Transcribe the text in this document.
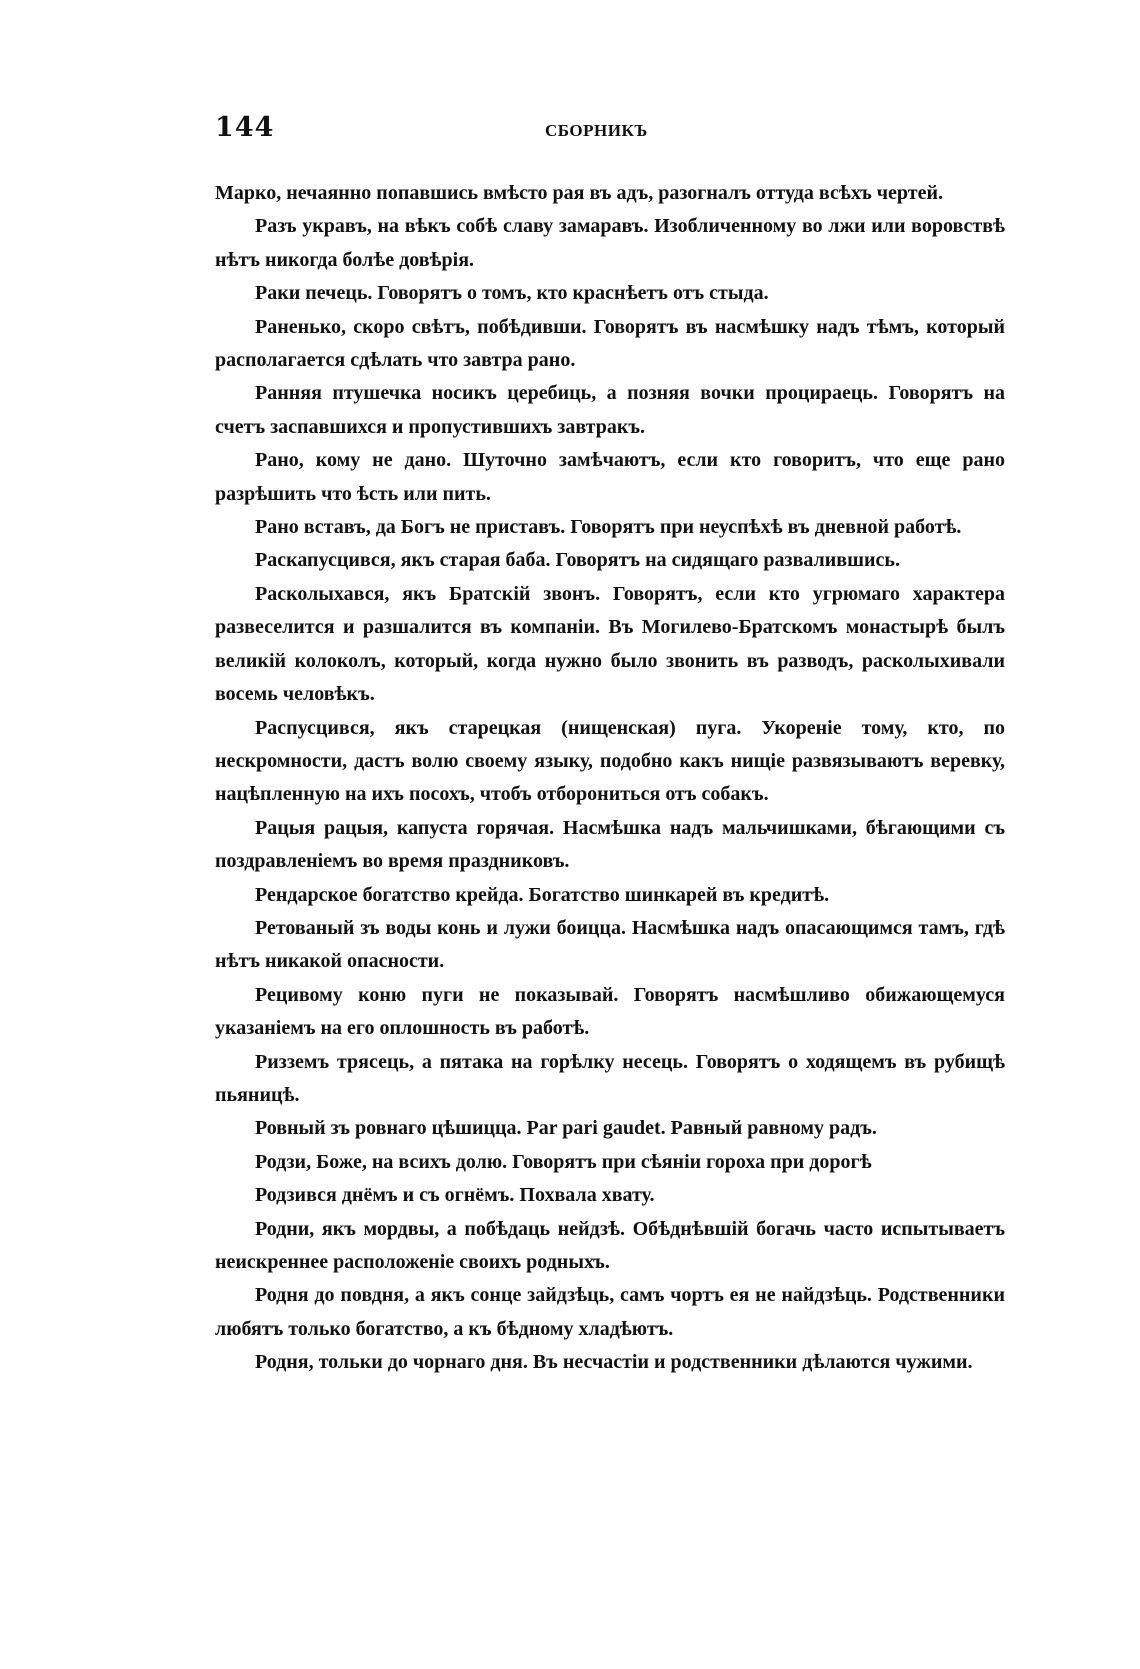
144	СБОРНИКЪ

Марко, нечаянно попавшись вмѣсто рая въ адъ, разогналъ оттуда всѣхъ чертей.

Разъ укравъ, на вѣкъ собѣ славу замаравъ. Изобличенному во лжи или воровствѣ нѣтъ никогда болѣе довѣрія.

Раки печець. Говорятъ о томъ, кто краснѣетъ отъ стыда.

Раненько, скоро свѣтъ, побѣдивши. Говорятъ въ насмѣшку надъ тѣмъ, который располагается сдѣлать что завтра рано.

Ранняя птушечка носикъ церебиць, а позняя вочки процираець. Говорятъ на счетъ заспавшихся и пропустившихъ завтракъ.

Рано, кому не дано. Шуточно замѣчаютъ, если кто говоритъ, что еще рано разрѣшить что ѣсть или пить.

Рано вставъ, да Богъ не приставъ. Говорятъ при неуспѣхѣ въ дневной работѣ.

Раскапусцився, якъ старая баба. Говорятъ на сидящаго развалившись.

Расколыхався, якъ Братскій звонъ. Говорятъ, если кто угрюмаго характера развеселится и разшалится въ компаніи. Въ Могилево-Братскомъ монастырѣ былъ великій колоколъ, который, когда нужно было звонить въ разводъ, расколыхивали восемь человѣкъ.

Распусцився, якъ старецкая (нищенская) пуга. Укореніе тому, кто, по нескромности, дастъ волю своему языку, подобно какъ нищіе развязываютъ веревку, нацѣпленную на ихъ посохъ, чтобъ отборониться отъ собакъ.

Рацыя рацыя, капуста горячая. Насмѣшка надъ мальчишками, бѣгающими съ поздравленіемъ во время праздниковъ.

Рендарское богатство крейда. Богатство шинкарей въ кредитѣ.

Ретованый зъ воды конь и лужи боицца. Насмѣшка надъ опасающимся тамъ, гдѣ нѣтъ никакой опасности.

Рецивому коню пуги не показывай. Говорятъ насмѣшливо обижающемуся указаніемъ на его оплошность въ работѣ.

Ризземъ трясець, а пятака на горѣлку несець. Говорятъ о ходящемъ въ рубищѣ пьяницѣ.

Ровный зъ ровнаго цѣшицца. Par pari gaudet. Равный равному радъ.

Родзи, Боже, на всихъ долю. Говорятъ при сѣяніи гороха при дорогѣ

Родзився днёмъ и съ огнёмъ. Похвала хвату.

Родни, якъ мордвы, а побѣдаць нейдзѣ. Обѣднѣвшій богачь часто испытываетъ неискреннее расположеніе своихъ родныхъ.

Родня до повдня, а якъ сонце зайдзѣць, самъ чортъ ея не найдзѣць. Родственники любятъ только богатство, а къ бѣдному хладѣютъ.

Родня, тольки до чорнаго дня. Въ несчастіи и родственники дѣлаются чужими.
